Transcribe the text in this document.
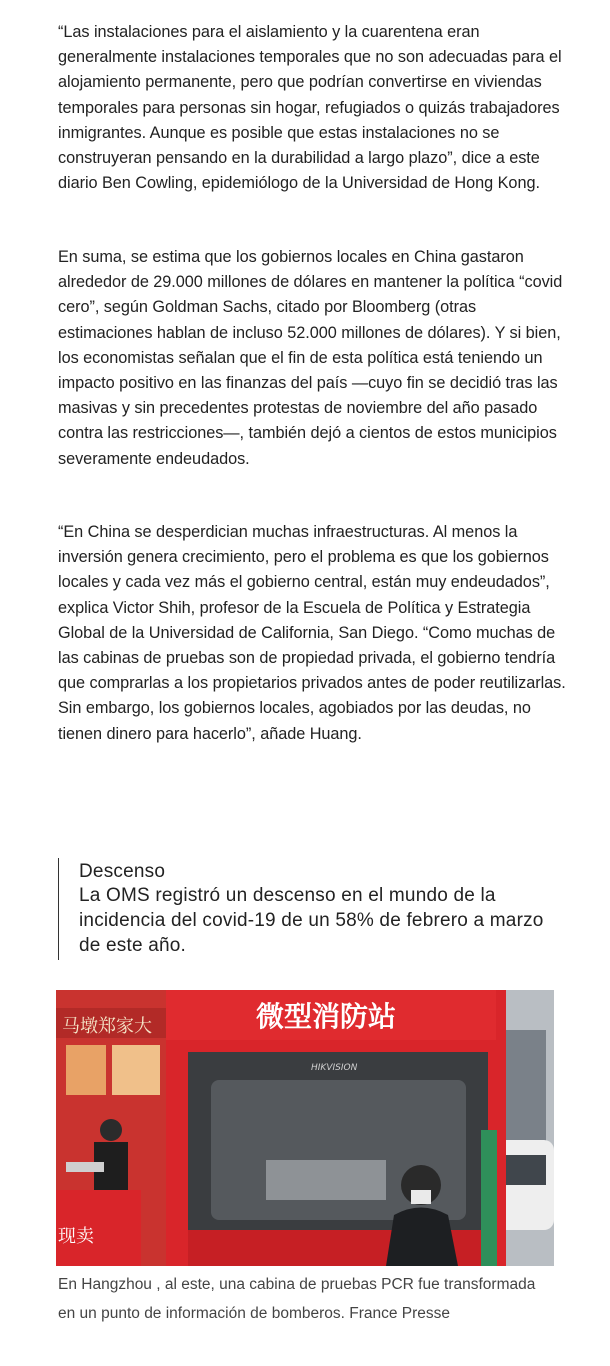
“Las instalaciones para el aislamiento y la cuarentena eran generalmente instalaciones temporales que no son adecuadas para el alojamiento permanente, pero que podrían convertirse en viviendas temporales para personas sin hogar, refugiados o quizás trabajadores inmigrantes. Aunque es posible que estas instalaciones no se construyeran pensando en la durabilidad a largo plazo”, dice a este diario Ben Cowling, epidemiólogo de la Universidad de Hong Kong.

En suma, se estima que los gobiernos locales en China gastaron alrededor de 29.000 millones de dólares en mantener la política “covid cero”, según Goldman Sachs, citado por Bloomberg (otras estimaciones hablan de incluso 52.000 millones de dólares). Y si bien, los economistas señalan que el fin de esta política está teniendo un impacto positivo en las finanzas del país —cuyo fin se decidió tras las masivas y sin precedentes protestas de noviembre del año pasado contra las restricciones—, también dejó a cientos de estos municipios severamente endeudados.

“En China se desperdician muchas infraestructuras. Al menos la inversión genera crecimiento, pero el problema es que los gobiernos locales y cada vez más el gobierno central, están muy endeudados”, explica Victor Shih, profesor de la Escuela de Política y Estrategia Global de la Universidad de California, San Diego. “Como muchas de las cabinas de pruebas son de propiedad privada, el gobierno tendría que comprarlas a los propietarios privados antes de poder reutilizarlas. Sin embargo, los gobiernos locales, agobiados por las deudas, no tienen dinero para hacerlo”, añade Huang.

Descenso

La OMS registró un descenso en el mundo de la incidencia del covid-19 de un 58% de febrero a marzo de este año.

马墩郑家大
现卖
微型消防站
HIKVISION

En Hangzhou , al este, una cabina de pruebas PCR fue transformada en un punto de información de bomberos. France Presse
